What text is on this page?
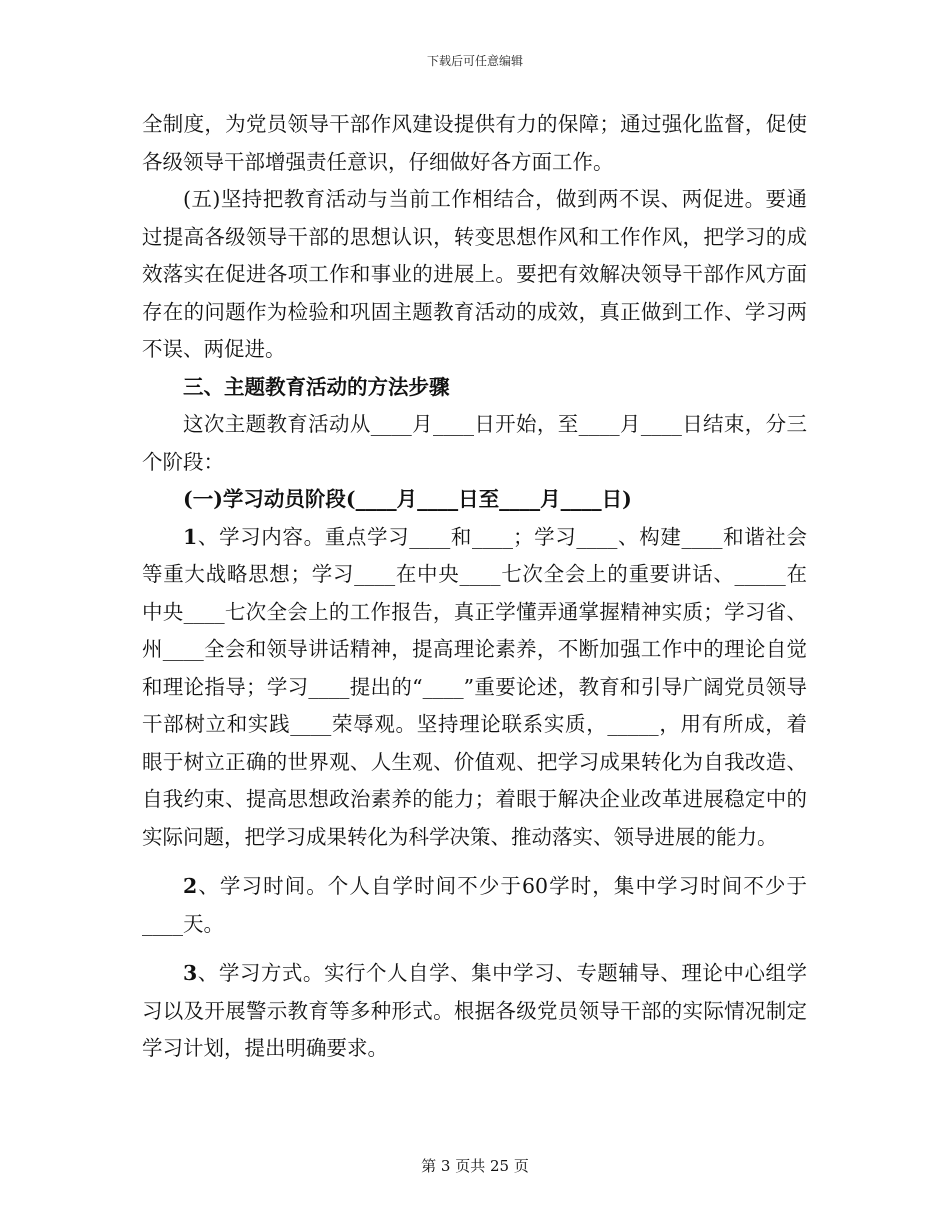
下载后可任意编辑

全制度，为党员领导干部作风建设提供有力的保障；通过强化监督，促使各级领导干部增强责任意识，仔细做好各方面工作。

(五)坚持把教育活动与当前工作相结合，做到两不误、两促进。要通过提高各级领导干部的思想认识，转变思想作风和工作作风，把学习的成效落实在促进各项工作和事业的进展上。要把有效解决领导干部作风方面存在的问题作为检验和巩固主题教育活动的成效，真正做到工作、学习两不误、两促进。

三、主题教育活动的方法步骤

这次主题教育活动从____月____日开始，至____月____日结束，分三个阶段：

(一)学习动员阶段(____月____日至____月____日)

1、学习内容。重点学习____和____；学习____、构建____和谐社会等重大战略思想；学习____在中央____七次全会上的重要讲话、_____在中央____七次全会上的工作报告，真正学懂弄通掌握精神实质；学习省、州____全会和领导讲话精神，提高理论素养，不断加强工作中的理论自觉和理论指导；学习____提出的“____”重要论述，教育和引导广阔党员领导干部树立和实践____荣辱观。坚持理论联系实质，_____，用有所成，着眼于树立正确的世界观、人生观、价值观、把学习成果转化为自我改造、自我约束、提高思想政治素养的能力；着眼于解决企业改革进展稳定中的实际问题，把学习成果转化为科学决策、推动落实、领导进展的能力。

2、学习时间。个人自学时间不少于60学时，集中学习时间不少于____天。

3、学习方式。实行个人自学、集中学习、专题辅导、理论中心组学习以及开展警示教育等多种形式。根据各级党员领导干部的实际情况制定学习计划，提出明确要求。

第 3 页共 25 页
